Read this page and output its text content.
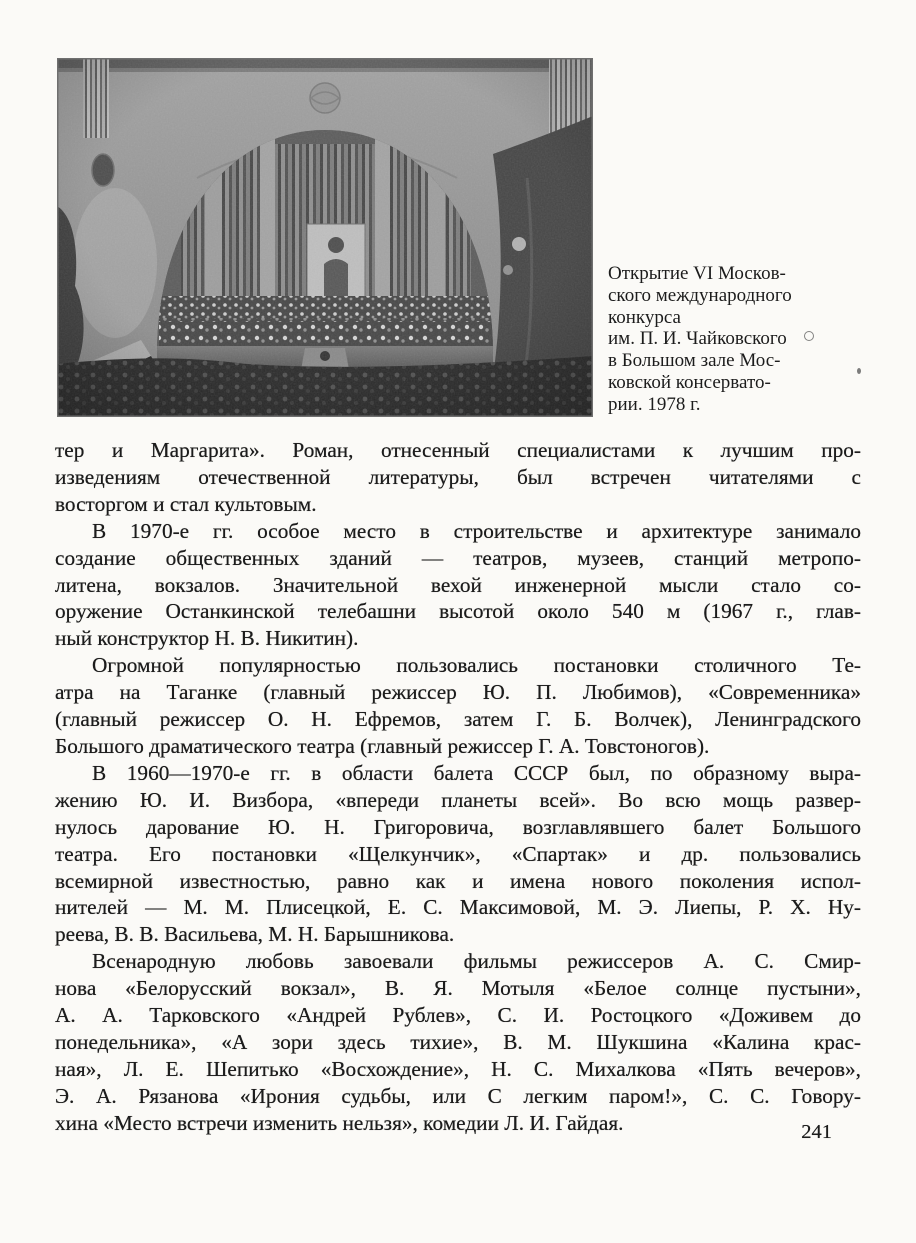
Открытие VI Москов-
ского международного
конкурса
им. П. И. Чайковского
в Большом зале Мос-
ковской консервато-
рии. 1978 г.

тер и Маргарита». Роман, отнесенный специалистами к лучшим про-
изведениям отечественной литературы, был встречен читателями с
восторгом и стал культовым.

В 1970-е гг. особое место в строительстве и архитектуре занимало
создание общественных зданий — театров, музеев, станций метропо-
литена, вокзалов. Значительной вехой инженерной мысли стало со-
оружение Останкинской телебашни высотой около 540 м (1967 г., глав-
ный конструктор Н. В. Никитин).

Огромной популярностью пользовались постановки столичного Те-
атра на Таганке (главный режиссер Ю. П. Любимов), «Современника»
(главный режиссер О. Н. Ефремов, затем Г. Б. Волчек), Ленинградского
Большого драматического театра (главный режиссер Г. А. Товстоногов).

В 1960—1970-е гг. в области балета СССР был, по образному выра-
жению Ю. И. Визбора, «впереди планеты всей». Во всю мощь развер-
нулось дарование Ю. Н. Григоровича, возглавлявшего балет Большого
театра. Его постановки «Щелкунчик», «Спартак» и др. пользовались
всемирной известностью, равно как и имена нового поколения испол-
нителей — М. М. Плисецкой, Е. С. Максимовой, М. Э. Лиепы, Р. Х. Ну-
реева, В. В. Васильева, М. Н. Барышникова.

Всенародную любовь завоевали фильмы режиссеров А. С. Смир-
нова «Белорусский вокзал», В. Я. Мотыля «Белое солнце пустыни»,
А. А. Тарковского «Андрей Рублев», С. И. Ростоцкого «Доживем до
понедельника», «А зори здесь тихие», В. М. Шукшина «Калина крас-
ная», Л. Е. Шепитько «Восхождение», Н. С. Михалкова «Пять вечеров»,
Э. А. Рязанова «Ирония судьбы, или С легким паром!», С. С. Говору-
хина «Место встречи изменить нельзя», комедии Л. И. Гайдая.	241
